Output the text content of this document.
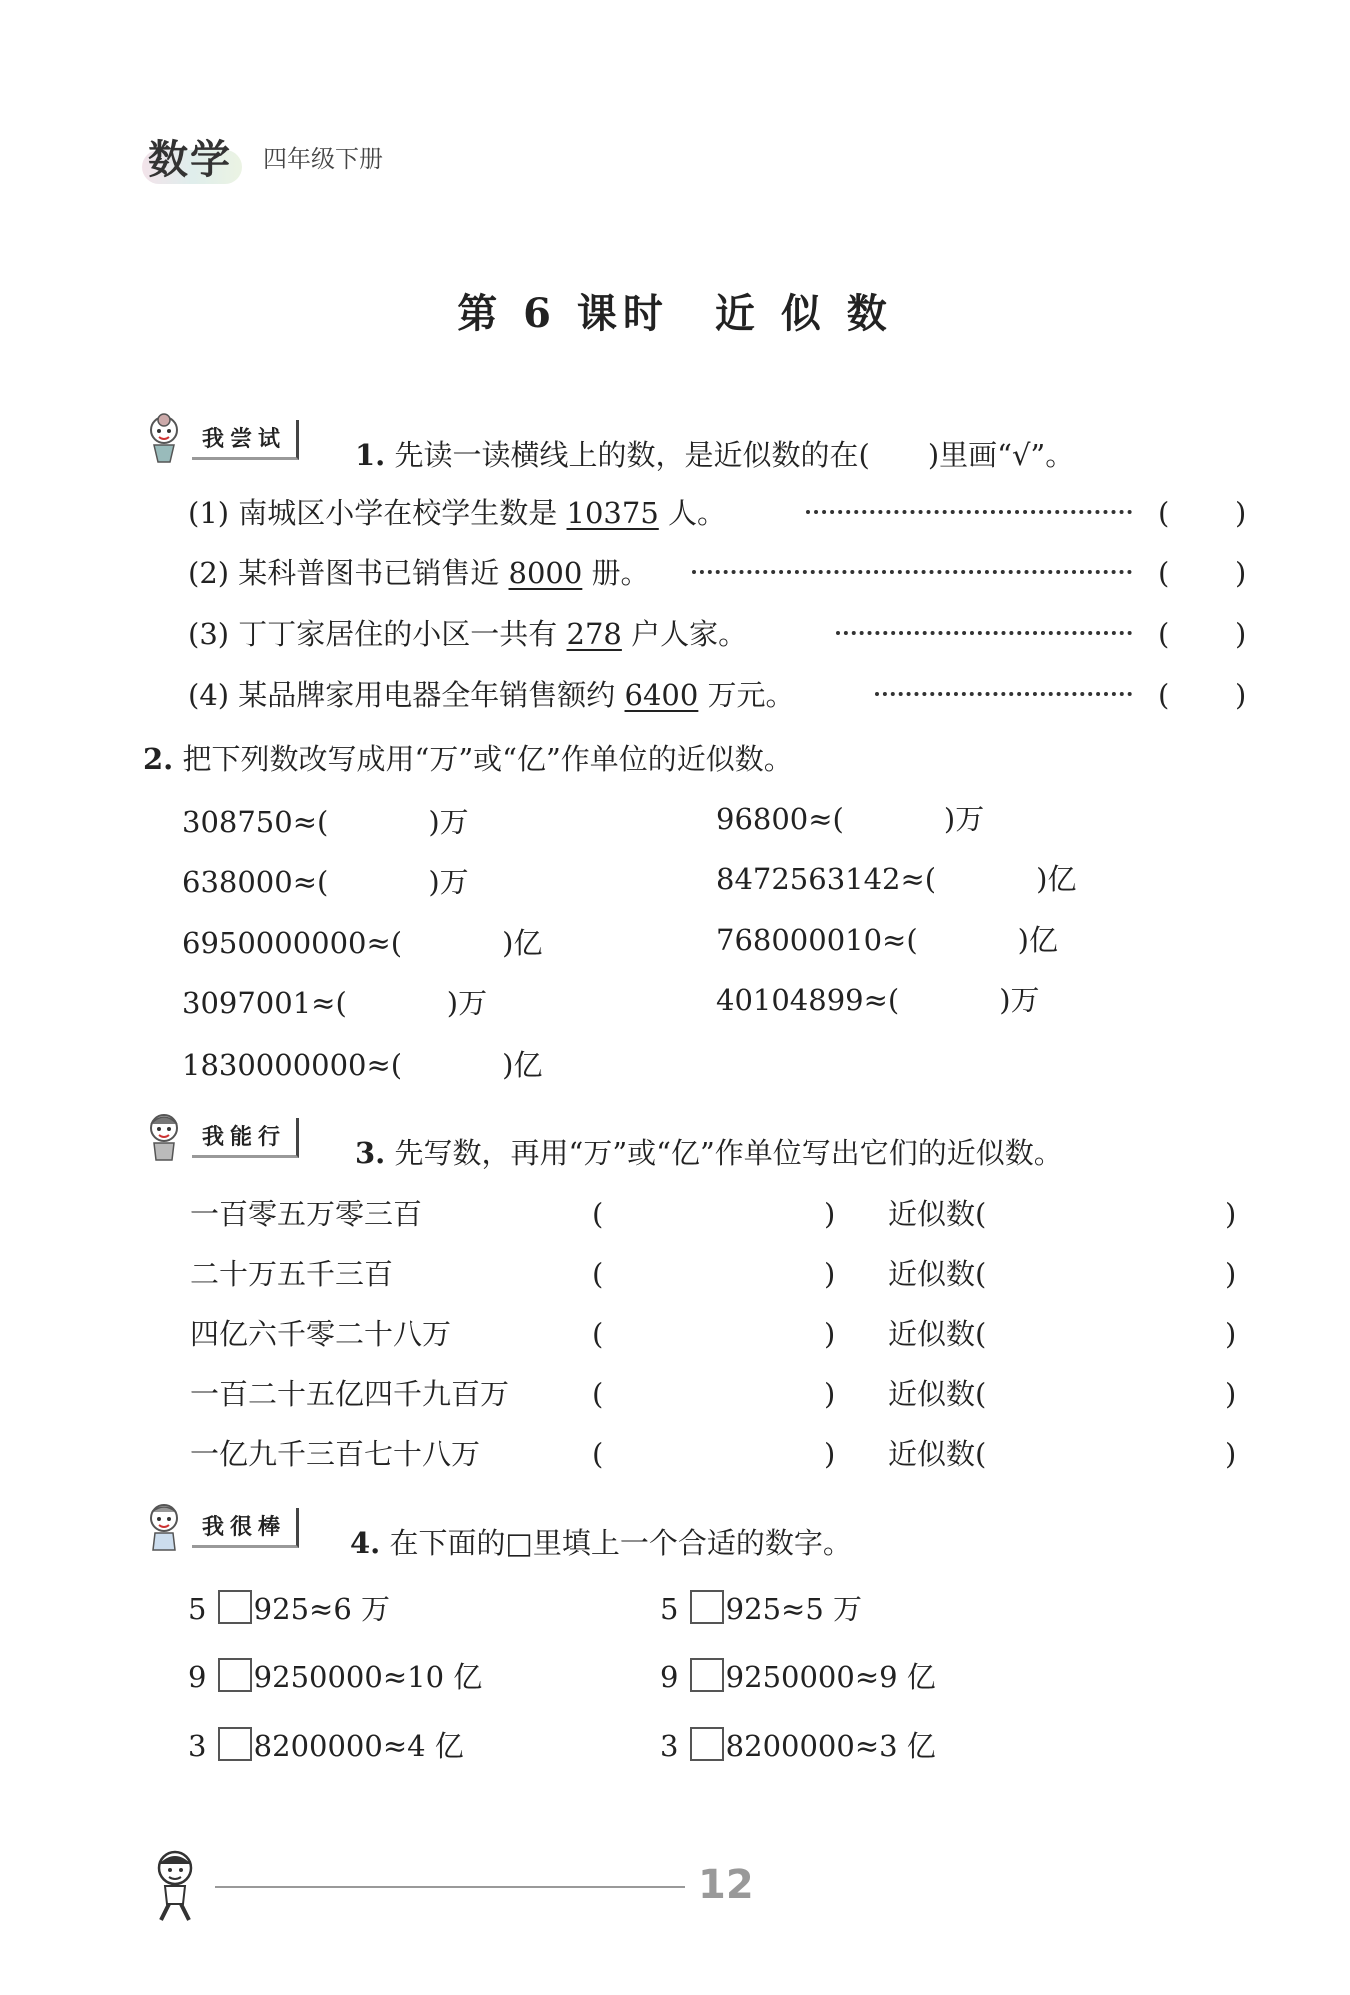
数学 四年级下册
第 6 课时　近 似 数
我尝试	1. 先读一读横线上的数，是近似数的在(　　)里画“√”。
(1) 南城区小学在校学生数是 10375 人。	( )
(2) 某科普图书已销售近 8000 册。	( )
(3) 丁丁家居住的小区一共有 278 户人家。	( )
(4) 某品牌家用电器全年销售额约 6400 万元。	( )
2. 把下列数改写成用“万”或“亿”作单位的近似数。
308750≈(	)万	96800≈(	)万
638000≈(	)万	8472563142≈(	)亿
6950000000≈(	)亿	768000010≈(	)亿
3097001≈(	)万	40104899≈(	)万
1830000000≈(	)亿
我能行	3. 先写数，再用“万”或“亿”作单位写出它们的近似数。
一百零五万零三百	(	) 近似数(	)
二十万五千三百	(	) 近似数(	)
四亿六千零二十八万	(	) 近似数(	)
一百二十五亿四千九百万	(	) 近似数(	)
一亿九千三百七十八万	(	) 近似数(	)
我很棒	4. 在下面的□里填上一个合适的数字。
5 925≈6 万	5 925≈5 万
9 9250000≈10 亿	9 9250000≈9 亿
3 8200000≈4 亿	3 8200000≈3 亿
12
